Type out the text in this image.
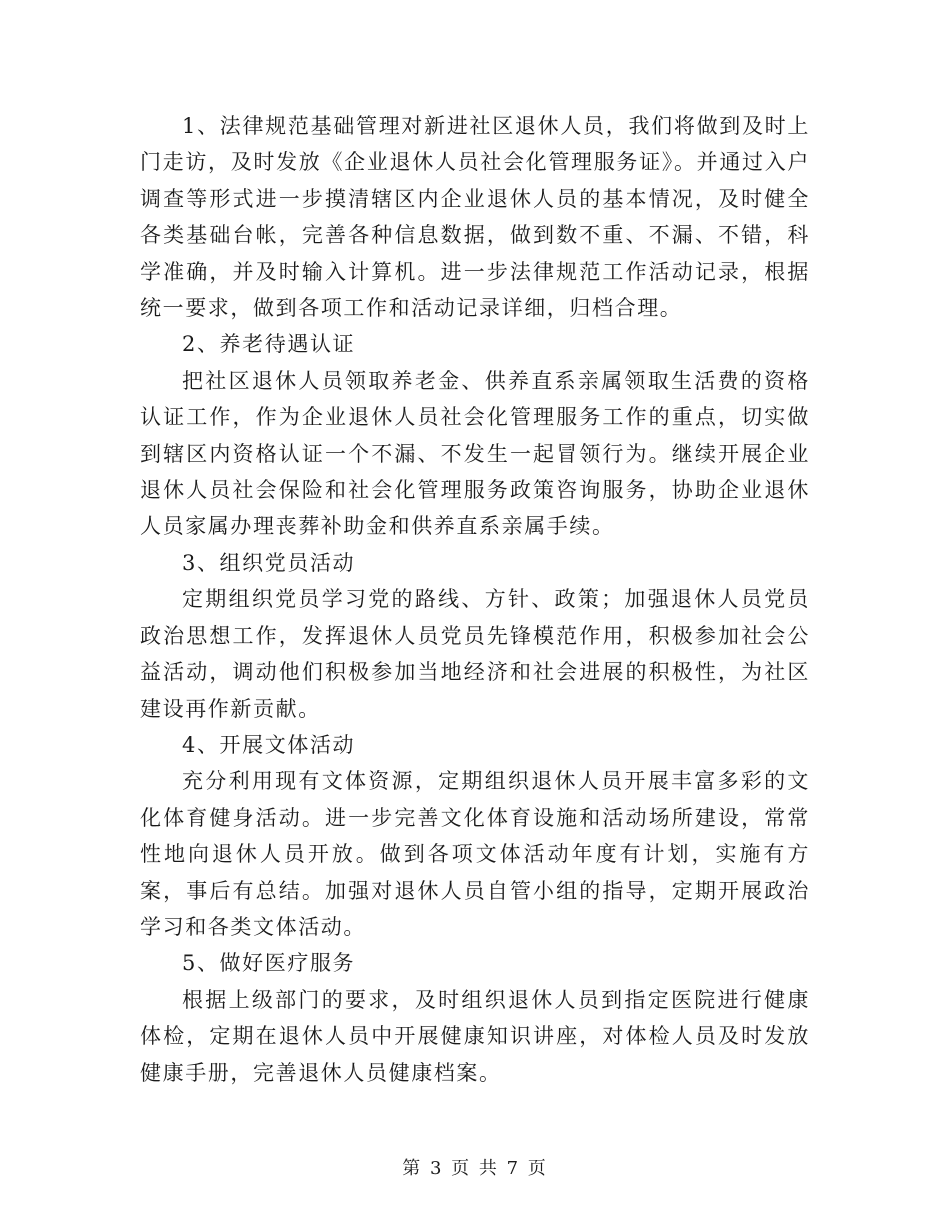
1、法律规范基础管理对新进社区退休人员，我们将做到及时上门走访，及时发放《企业退休人员社会化管理服务证》。并通过入户调查等形式进一步摸清辖区内企业退休人员的基本情况，及时健全各类基础台帐，完善各种信息数据，做到数不重、不漏、不错，科学准确，并及时输入计算机。进一步法律规范工作活动记录，根据统一要求，做到各项工作和活动记录详细，归档合理。

2、养老待遇认证

把社区退休人员领取养老金、供养直系亲属领取生活费的资格认证工作，作为企业退休人员社会化管理服务工作的重点，切实做到辖区内资格认证一个不漏、不发生一起冒领行为。继续开展企业退休人员社会保险和社会化管理服务政策咨询服务，协助企业退休人员家属办理丧葬补助金和供养直系亲属手续。

3、组织党员活动

定期组织党员学习党的路线、方针、政策；加强退休人员党员政治思想工作，发挥退休人员党员先锋模范作用，积极参加社会公益活动，调动他们积极参加当地经济和社会进展的积极性，为社区建设再作新贡献。

4、开展文体活动

充分利用现有文体资源，定期组织退休人员开展丰富多彩的文化体育健身活动。进一步完善文化体育设施和活动场所建设，常常性地向退休人员开放。做到各项文体活动年度有计划，实施有方案，事后有总结。加强对退休人员自管小组的指导，定期开展政治学习和各类文体活动。

5、做好医疗服务

根据上级部门的要求，及时组织退休人员到指定医院进行健康体检，定期在退休人员中开展健康知识讲座，对体检人员及时发放健康手册，完善退休人员健康档案。

第 3 页 共 7 页
